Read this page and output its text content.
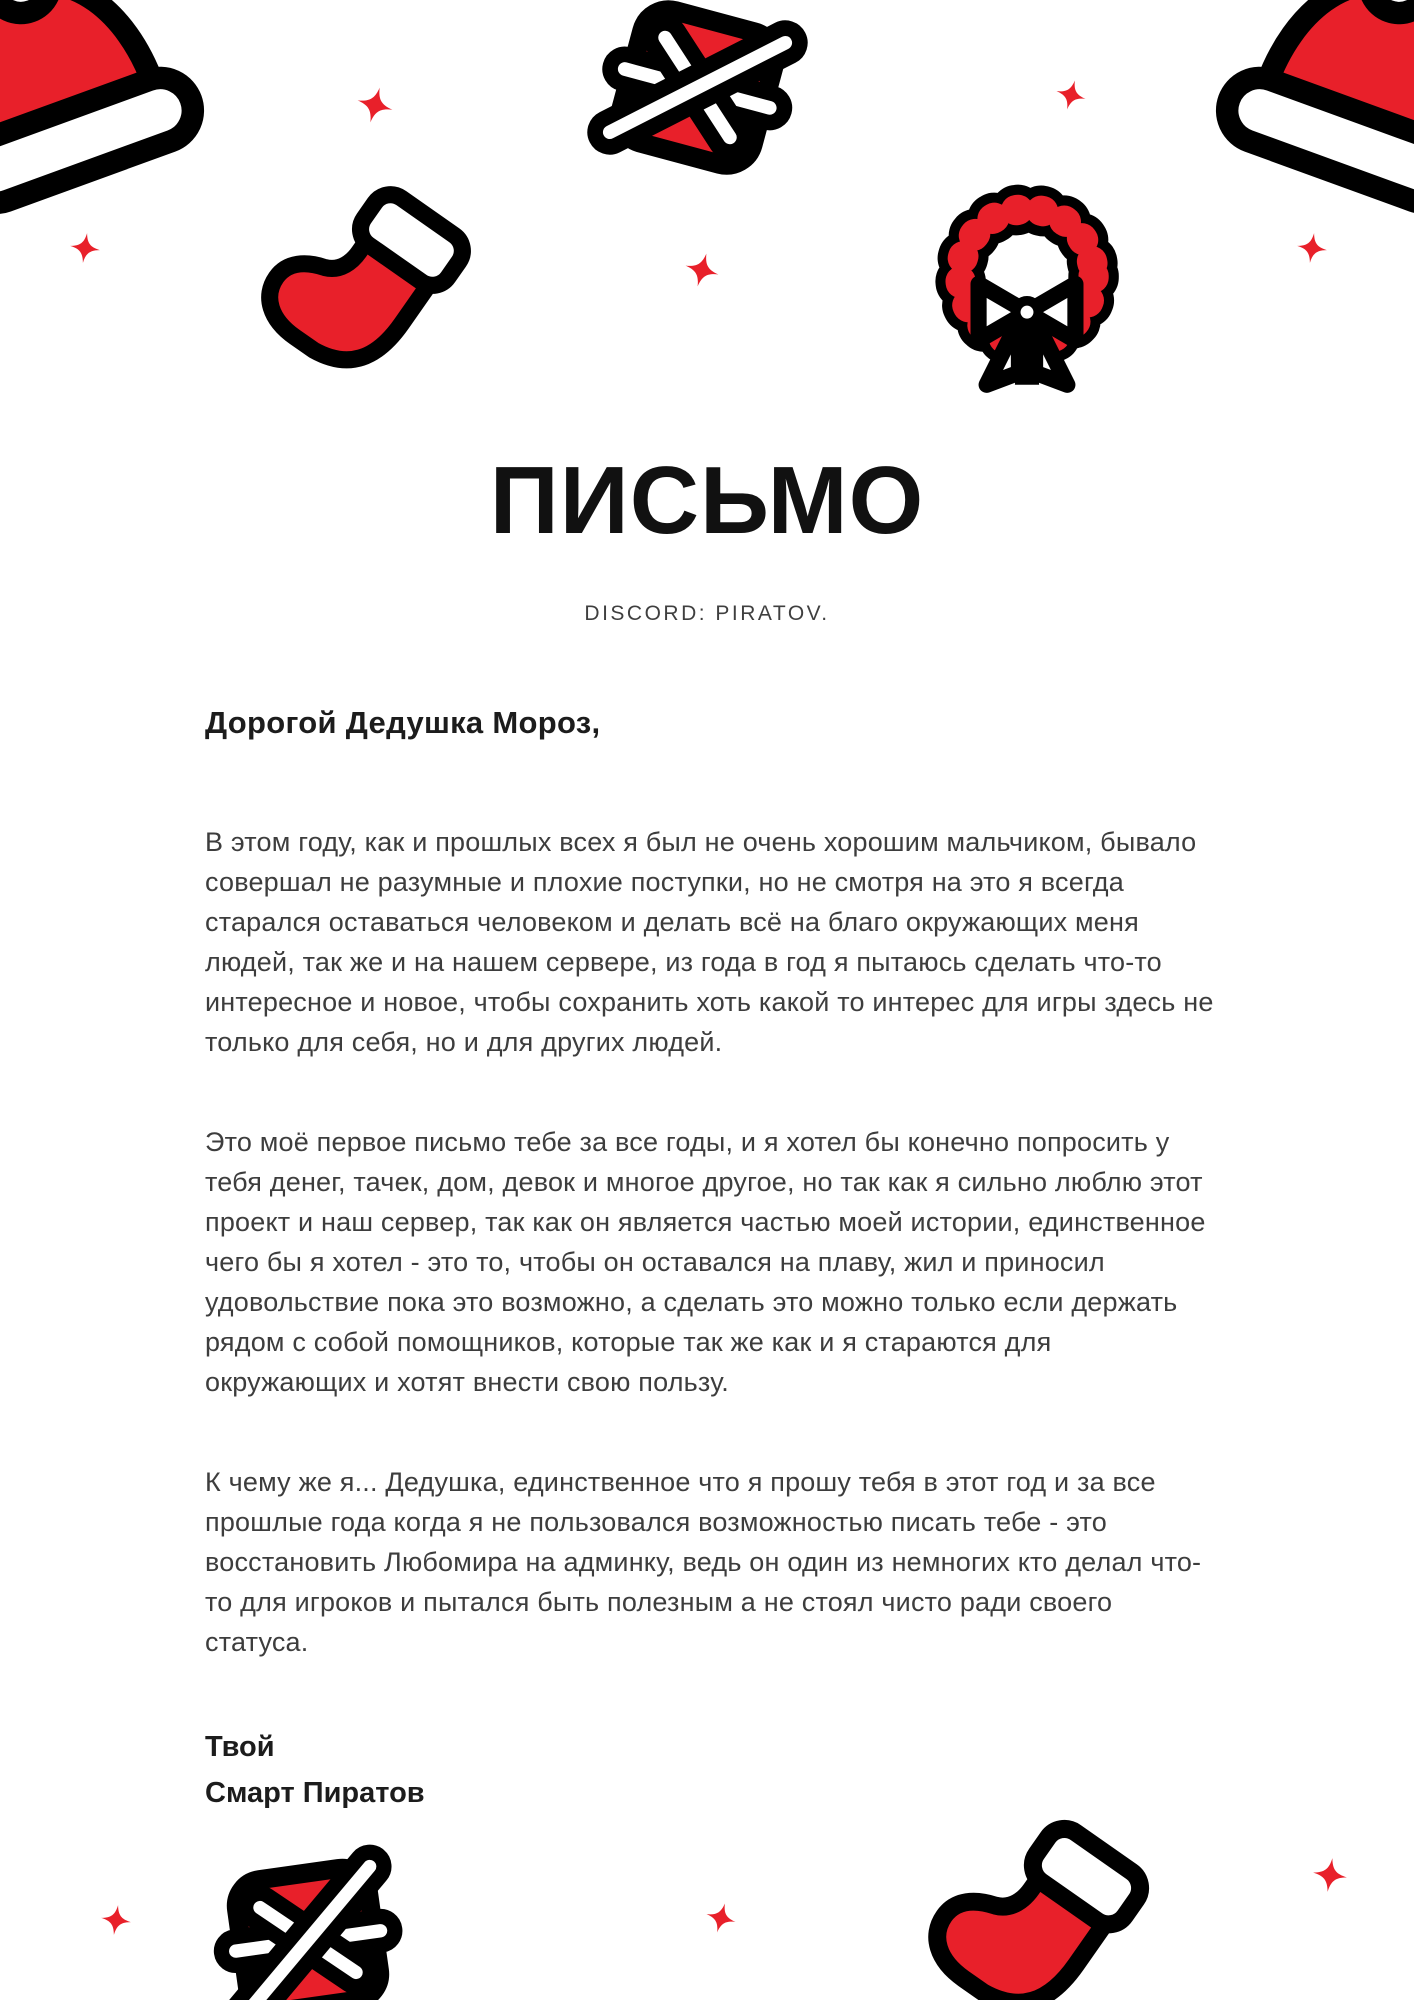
ПИСЬМО
DISCORD: PIRATOV.
Дорогой Дедушка Мороз,
В этом году, как и прошлых всех я был не очень хорошим мальчиком, бывало совершал не разумные и плохие поступки, но не смотря на это я всегда старался оставаться человеком и делать всё на благо окружающих меня людей, так же и на нашем сервере, из года в год я пытаюсь сделать что-то интересное и новое, чтобы сохранить хоть какой то интерес для игры здесь не только для себя, но и для других людей.
Это моё первое письмо тебе за все годы, и я хотел бы конечно попросить у тебя денег, тачек, дом, девок и многое другое, но так как я сильно люблю этот проект и наш сервер, так как он является частью моей истории, единственное чего бы я хотел - это то, чтобы он оставался на плаву, жил и приносил удовольствие пока это возможно, а сделать это можно только если держать рядом с собой помощников, которые так же как и я стараются для окружающих и хотят внести свою пользу.
К чему же я... Дедушка, единственное что я прошу тебя в этот год и за все прошлые года когда я не пользовался возможностью писать тебе - это восстановить Любомира на админку, ведь он один из немногих кто делал что-то для игроков и пытался быть полезным а не стоял чисто ради своего статуса.
Твой
Смарт Пиратов
